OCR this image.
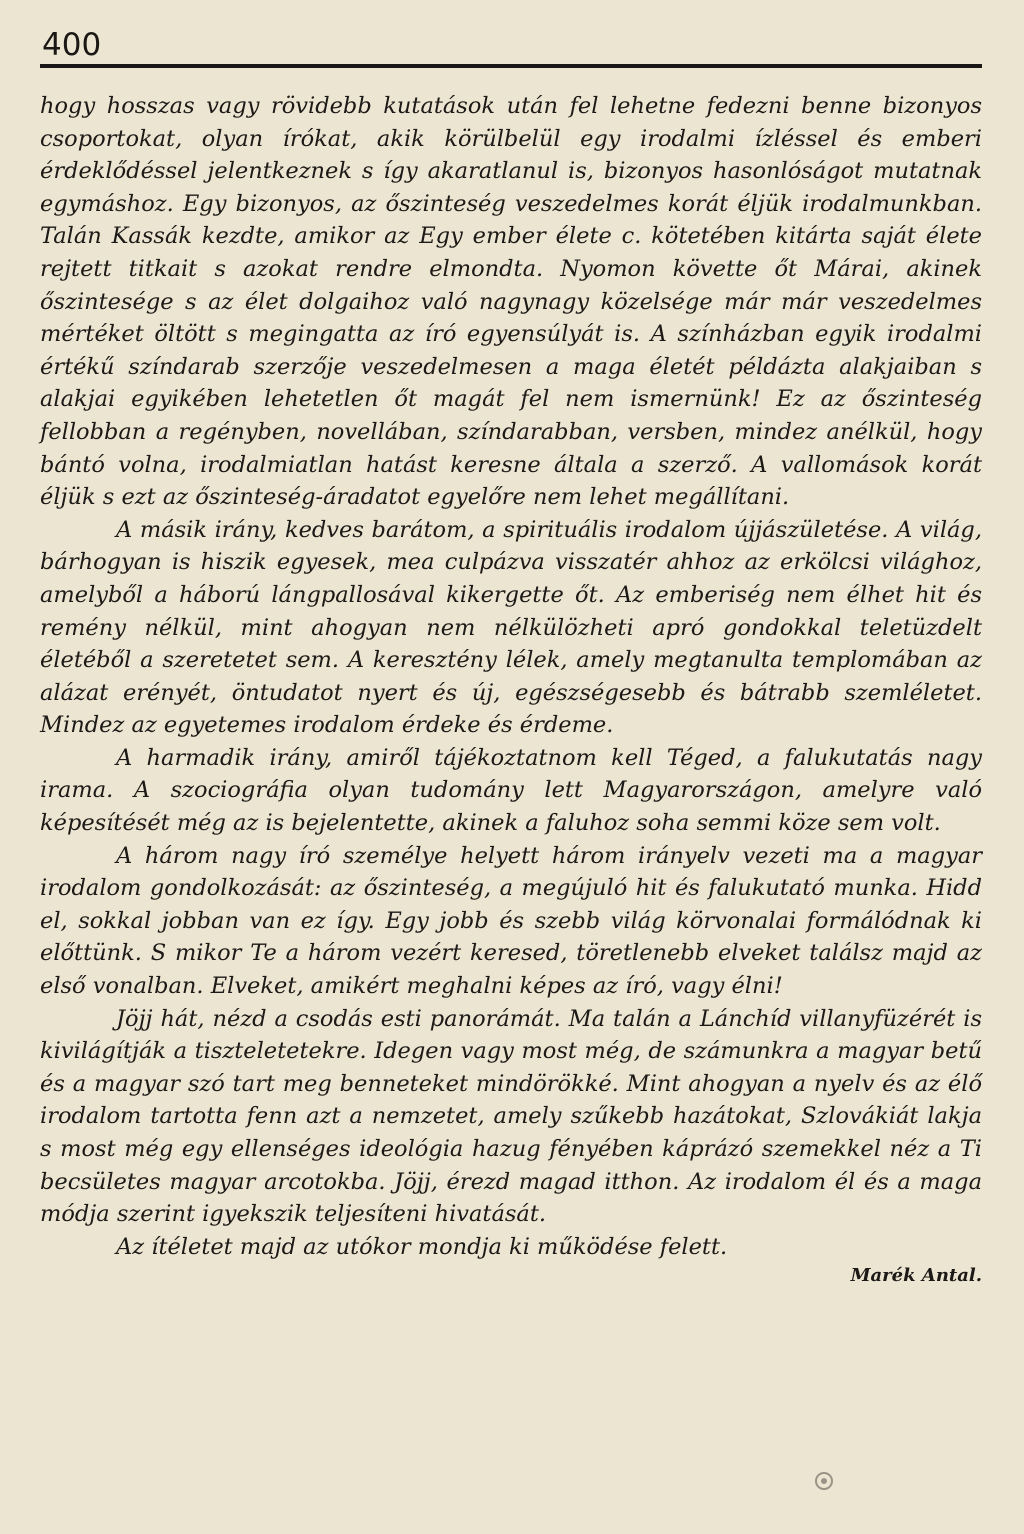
400

hogy hosszas vagy rövidebb kutatások után fel lehetne fedezni benne bizonyos csoportokat, olyan írókat, akik körülbelül egy irodalmi ízléssel és emberi érdeklődéssel jelentkeznek s így akaratlanul is, bizonyos hasonlóságot mutatnak egymáshoz. Egy bizonyos, az őszinteség veszedelmes korát éljük irodalmunkban. Talán Kassák kezdte, amikor az Egy ember élete c. kötetében kitárta saját élete rejtett titkait s azokat rendre elmondta. Nyomon követte őt Márai, akinek őszintesége s az élet dolgaihoz való nagynagy közelsége már már veszedelmes mértéket öltött s megingatta az író egyensúlyát is. A színházban egyik irodalmi értékű színdarab szerzője veszedelmesen a maga életét példázta alakjaiban s alakjai egyikében lehetetlen őt magát fel nem ismernünk! Ez az őszinteség fellobban a regényben, novellában, színdarabban, versben, mindez anélkül, hogy bántó volna, irodalmiatlan hatást keresne általa a szerző. A vallomások korát éljük s ezt az őszinteség-áradatot egyelőre nem lehet megállítani.

A másik irány, kedves barátom, a spirituális irodalom újjászületése. A világ, bárhogyan is hiszik egyesek, mea culpázva visszatér ahhoz az erkölcsi világhoz, amelyből a háború lángpallosával kikergette őt. Az emberiség nem élhet hit és remény nélkül, mint ahogyan nem nélkülözheti apró gondokkal teletüzdelt életéből a szeretetet sem. A keresztény lélek, amely megtanulta templomában az alázat erényét, öntudatot nyert és új, egészségesebb és bátrabb szemléletet. Mindez az egyetemes irodalom érdeke és érdeme.

A harmadik irány, amiről tájékoztatnom kell Téged, a falukutatás nagy irama. A szociográfia olyan tudomány lett Magyarországon, amelyre való képesítését még az is bejelentette, akinek a faluhoz soha semmi köze sem volt.

A három nagy író személye helyett három irányelv vezeti ma a magyar irodalom gondolkozását: az őszinteség, a megújuló hit és falukutató munka. Hidd el, sokkal jobban van ez így. Egy jobb és szebb világ körvonalai formálódnak ki előttünk. S mikor Te a három vezért keresed, töretlenebb elveket találsz majd az első vonalban. Elveket, amikért meghalni képes az író, vagy élni!

Jöjj hát, nézd a csodás esti panorámát. Ma talán a Lánchíd villanyfüzérét is kivilágítják a tiszteletetekre. Idegen vagy most még, de számunkra a magyar betű és a magyar szó tart meg benneteket mindörökké. Mint ahogyan a nyelv és az élő irodalom tartotta fenn azt a nemzetet, amely szűkebb hazátokat, Szlovákiát lakja s most még egy ellenséges ideológia hazug fényében káprázó szemekkel néz a Ti becsületes magyar arcotokba. Jöjj, érezd magad itthon. Az irodalom él és a maga módja szerint igyekszik teljesíteni hivatását.

Az ítéletet majd az utókor mondja ki működése felett.

Marék Antal.
